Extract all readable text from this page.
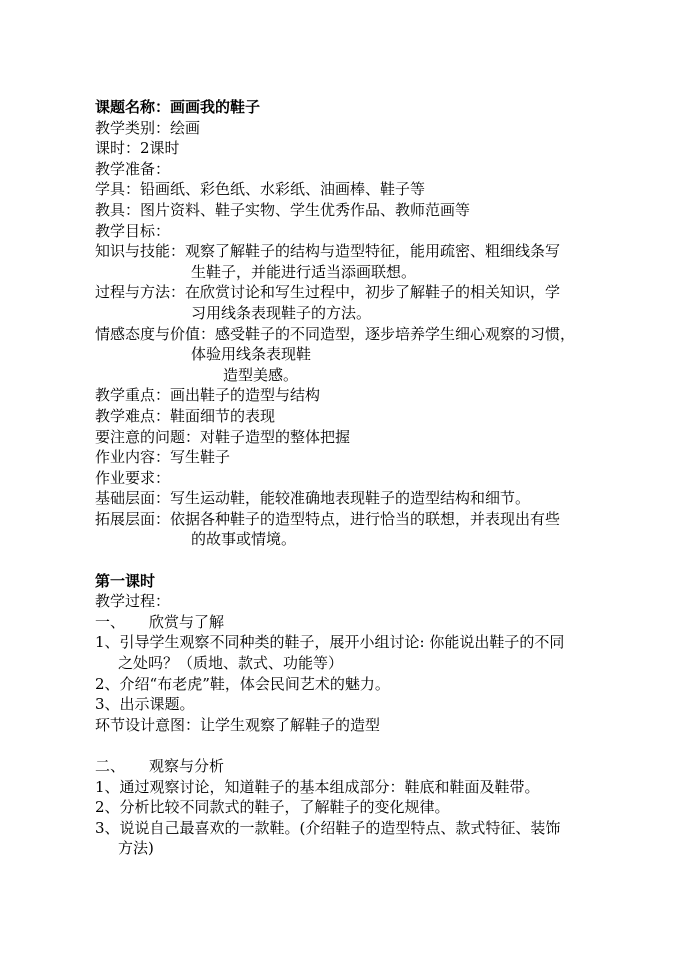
课题名称：画画我的鞋子
教学类别：绘画
课时：2课时
教学准备：
学具：铅画纸、彩色纸、水彩纸、油画棒、鞋子等
教具：图片资料、鞋子实物、学生优秀作品、教师范画等
教学目标：
知识与技能：观察了解鞋子的结构与造型特征，能用疏密、粗细线条写
生鞋子，并能进行适当添画联想。
过程与方法：在欣赏讨论和写生过程中，初步了解鞋子的相关知识，学
习用线条表现鞋子的方法。
情感态度与价值：感受鞋子的不同造型，逐步培养学生细心观察的习惯，
体验用线条表现鞋
造型美感。
教学重点：画出鞋子的造型与结构
教学难点：鞋面细节的表现
要注意的问题：对鞋子造型的整体把握
作业内容：写生鞋子
作业要求：
基础层面：写生运动鞋，能较准确地表现鞋子的造型结构和细节。
拓展层面：依据各种鞋子的造型特点，进行恰当的联想，并表现出有些
的故事或情境。
第一课时
教学过程：
一、	欣赏与了解
1、引导学生观察不同种类的鞋子，展开小组讨论: 你能说出鞋子的不同
之处吗？（质地、款式、功能等）
2、介绍“布老虎”鞋，体会民间艺术的魅力。
3、出示课题。
环节设计意图：让学生观察了解鞋子的造型
二、	观察与分析
1、通过观察讨论，知道鞋子的基本组成部分：鞋底和鞋面及鞋带。
2、分析比较不同款式的鞋子，了解鞋子的变化规律。
3、说说自己最喜欢的一款鞋。(介绍鞋子的造型特点、款式特征、装饰
方法)
